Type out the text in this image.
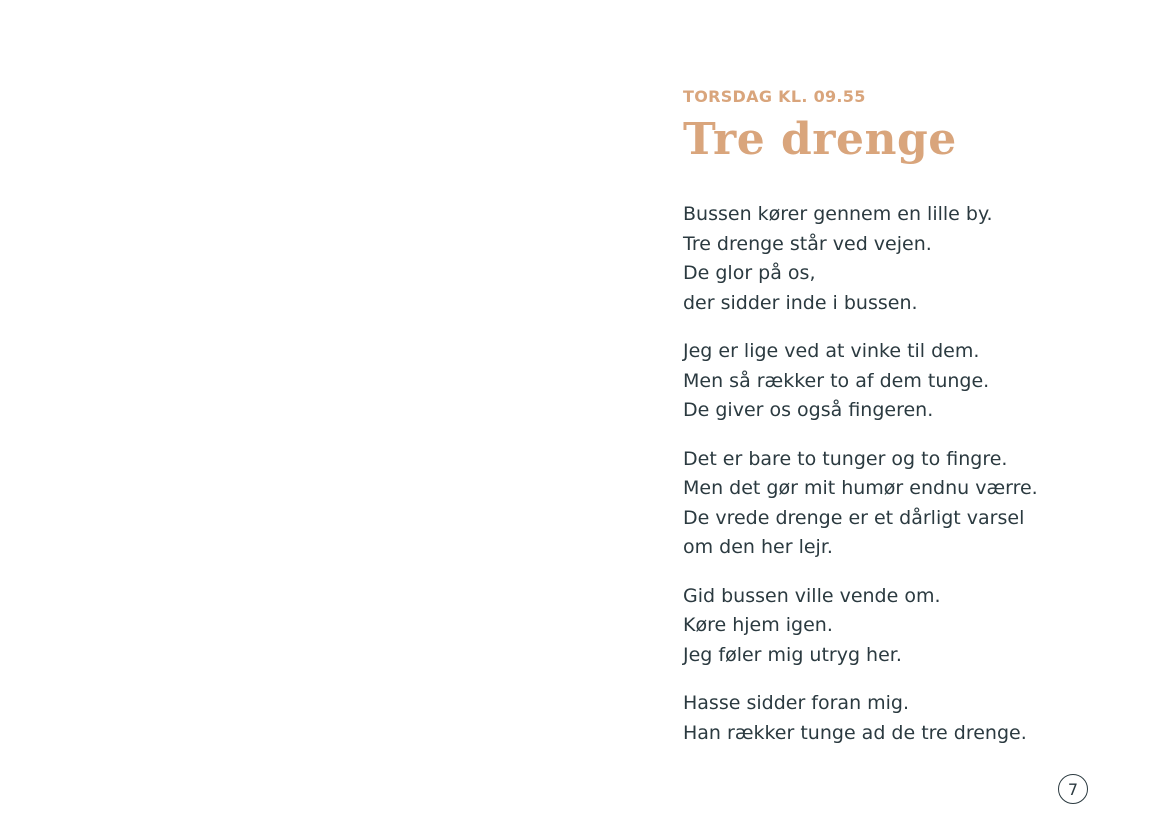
TORSDAG KL. 09.55

Tre drenge
Bussen kører gennem en lille by.
Tre drenge står ved vejen.
De glor på os,
der sidder inde i bussen.
Jeg er lige ved at vinke til dem.
Men så rækker to af dem tunge.
De giver os også fingeren.
Det er bare to tunger og to fingre.
Men det gør mit humør endnu værre.
De vrede drenge er et dårligt varsel
om den her lejr.
Gid bussen ville vende om.
Køre hjem igen.
Jeg føler mig utryg her.
Hasse sidder foran mig.
Han rækker tunge ad de tre drenge.
7
